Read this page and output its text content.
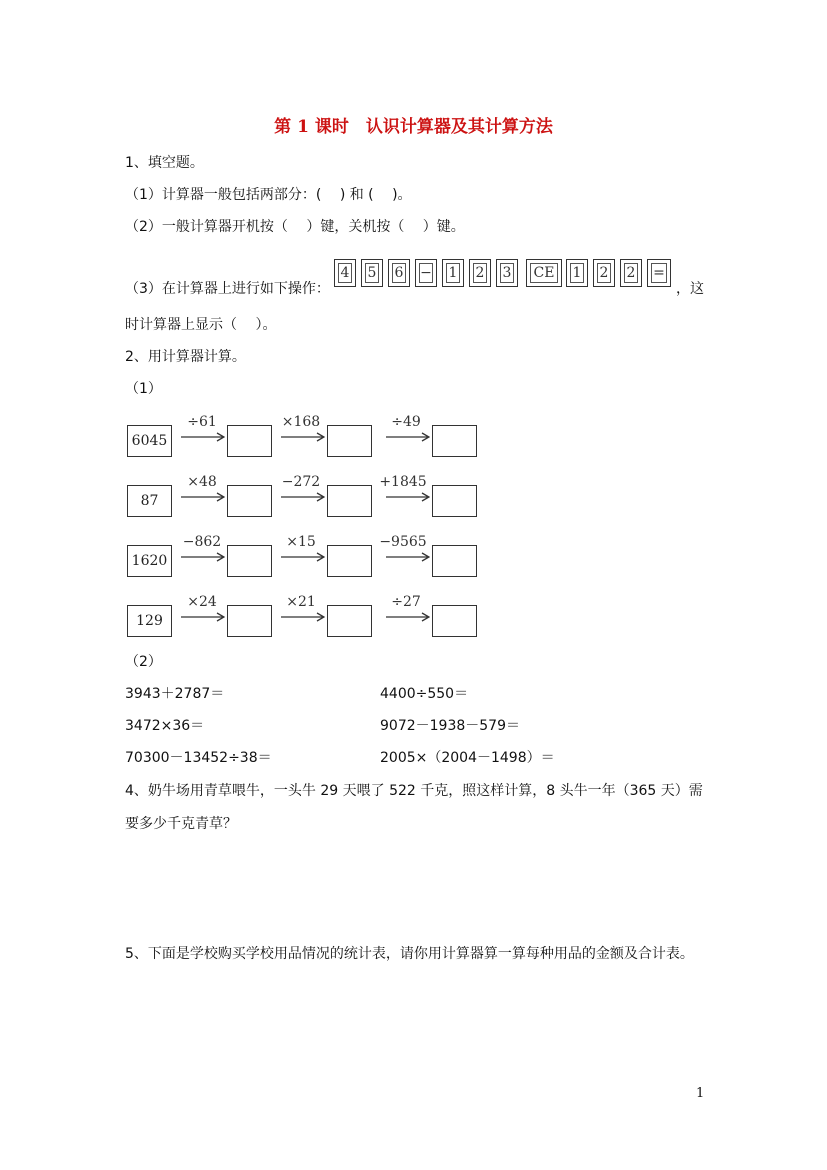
第 1 课时　认识计算器及其计算方法
1、填空题。
（1）计算器一般包括两部分：(　 ) 和 (　 )。
（2）一般计算器开机按（　 ）键，关机按（　 ）键。
（3）在计算器上进行如下操作：
4 5 6 − 1 2 3 CE 1 2 2 =
，这
时计算器上显示（　 ）。
2、用计算器计算。
（1）
6045
÷61	×168	÷49
87
×48	−272	+1845
1620
−862	×15	−9565
129
×24	×21	÷27
（2）
3943＋2787＝	4400÷550＝
3472×36＝	9072－1938－579＝
70300－13452÷38＝	2005×（2004－1498）＝
4、奶牛场用青草喂牛，一头牛 29 天喂了 522 千克，照这样计算，8 头牛一年（365 天）需
要多少千克青草？
5、下面是学校购买学校用品情况的统计表，请你用计算器算一算每种用品的金额及合计表。
1
